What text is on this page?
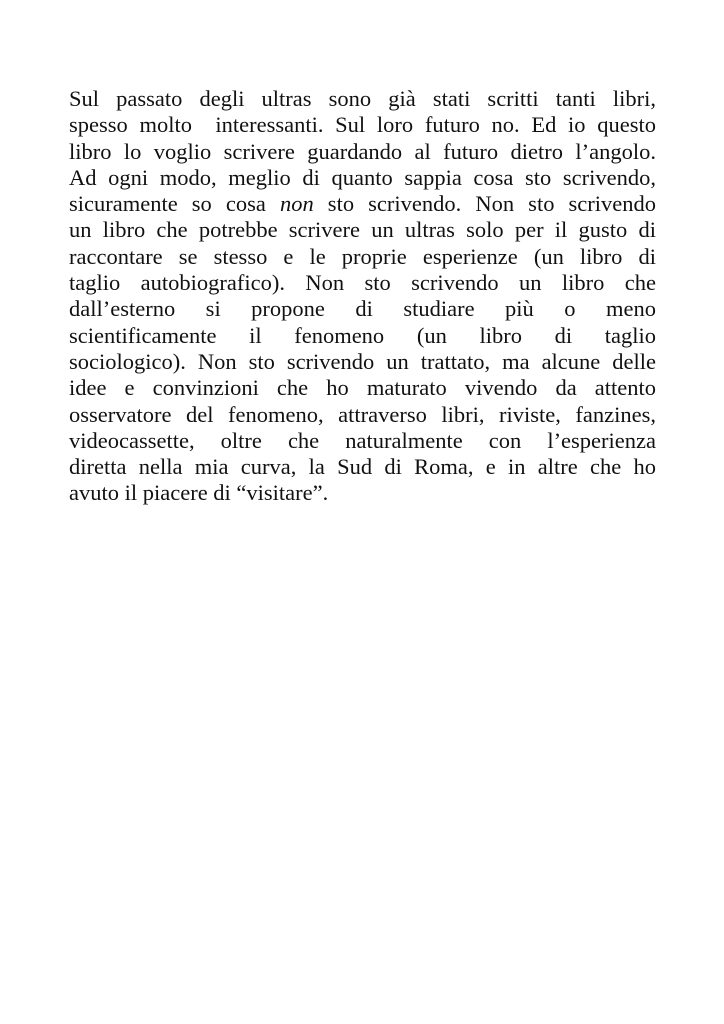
Sul passato degli ultras sono già stati scritti tanti libri,
spesso molto  interessanti. Sul loro futuro no. Ed io questo
libro lo voglio scrivere guardando al futuro dietro l’angolo.
Ad ogni modo, meglio di quanto sappia cosa sto scrivendo,
sicuramente so cosa non sto scrivendo. Non sto scrivendo
un libro che potrebbe scrivere un ultras solo per il gusto di
raccontare se stesso e le proprie esperienze (un libro di
taglio autobiografico). Non sto scrivendo un libro che
dall’esterno si propone di studiare più o meno
scientificamente il fenomeno (un libro di taglio
sociologico). Non sto scrivendo un trattato, ma alcune delle
idee e convinzioni che ho maturato vivendo da attento
osservatore del fenomeno, attraverso libri, riviste, fanzines,
videocassette, oltre che naturalmente con l’esperienza
diretta nella mia curva, la Sud di Roma, e in altre che ho
avuto il piacere di “visitare”.
